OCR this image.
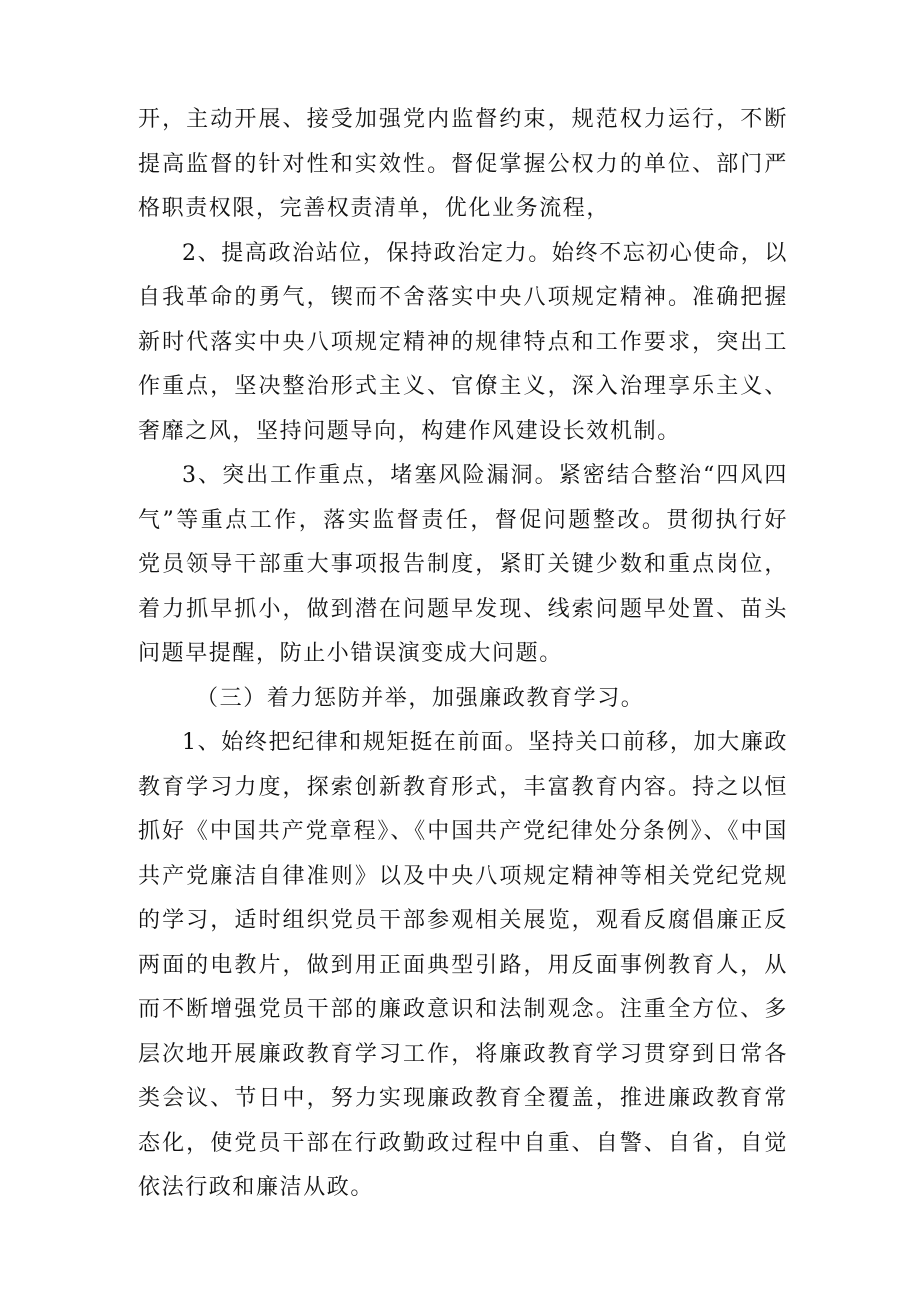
开，主动开展、接受加强党内监督约束，规范权力运行，不断提高监督的针对性和实效性。督促掌握公权力的单位、部门严格职责权限，完善权责清单，优化业务流程，

2、提高政治站位，保持政治定力。始终不忘初心使命，以自我革命的勇气，锲而不舍落实中央八项规定精神。准确把握新时代落实中央八项规定精神的规律特点和工作要求，突出工作重点，坚决整治形式主义、官僚主义，深入治理享乐主义、奢靡之风，坚持问题导向，构建作风建设长效机制。

3、突出工作重点，堵塞风险漏洞。紧密结合整治“四风四气”等重点工作，落实监督责任，督促问题整改。贯彻执行好党员领导干部重大事项报告制度，紧盯关键少数和重点岗位，着力抓早抓小，做到潜在问题早发现、线索问题早处置、苗头问题早提醒，防止小错误演变成大问题。

（三）着力惩防并举，加强廉政教育学习。

1、始终把纪律和规矩挺在前面。坚持关口前移，加大廉政教育学习力度，探索创新教育形式，丰富教育内容。持之以恒抓好《中国共产党章程》、《中国共产党纪律处分条例》、《中国共产党廉洁自律准则》以及中央八项规定精神等相关党纪党规的学习，适时组织党员干部参观相关展览，观看反腐倡廉正反两面的电教片，做到用正面典型引路，用反面事例教育人，从而不断增强党员干部的廉政意识和法制观念。注重全方位、多层次地开展廉政教育学习工作，将廉政教育学习贯穿到日常各类会议、节日中，努力实现廉政教育全覆盖，推进廉政教育常态化，使党员干部在行政勤政过程中自重、自警、自省，自觉依法行政和廉洁从政。
